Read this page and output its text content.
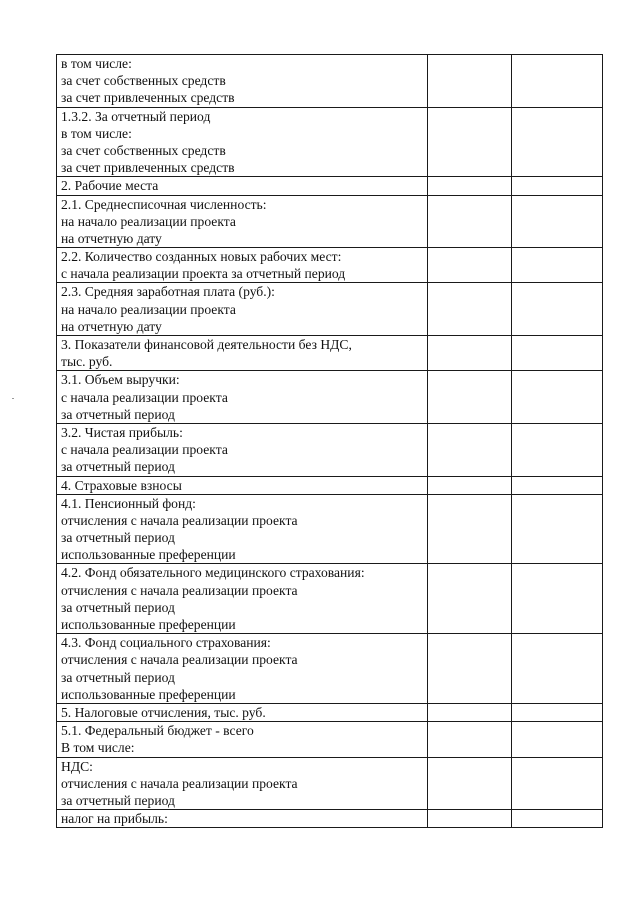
в том числе:
за счет собственных средств
за счет привлеченных средств		

1.3.2. За отчетный период
в том числе:
за счет собственных средств
за счет привлеченных средств		

2. Рабочие места		

2.1. Среднесписочная численность:
на начало реализации проекта
на отчетную дату		

2.2. Количество созданных новых рабочих мест:
с начала реализации проекта за отчетный период		

2.3. Средняя заработная плата (руб.):
на начало реализации проекта
на отчетную дату		

3. Показатели финансовой деятельности без НДС,
тыс. руб.		

3.1. Объем выручки:
с начала реализации проекта
за отчетный период		

3.2. Чистая прибыль:
с начала реализации проекта
за отчетный период		

4. Страховые взносы		

4.1. Пенсионный фонд:
отчисления с начала реализации проекта
за отчетный период
использованные преференции		

4.2. Фонд обязательного медицинского страхования:
отчисления с начала реализации проекта
за отчетный период
использованные преференции		

4.3. Фонд социального страхования:
отчисления с начала реализации проекта
за отчетный период
использованные преференции		

5. Налоговые отчисления, тыс. руб.		

5.1. Федеральный бюджет - всего
В том числе:		

НДС:
отчисления с начала реализации проекта
за отчетный период		

налог на прибыль:		
